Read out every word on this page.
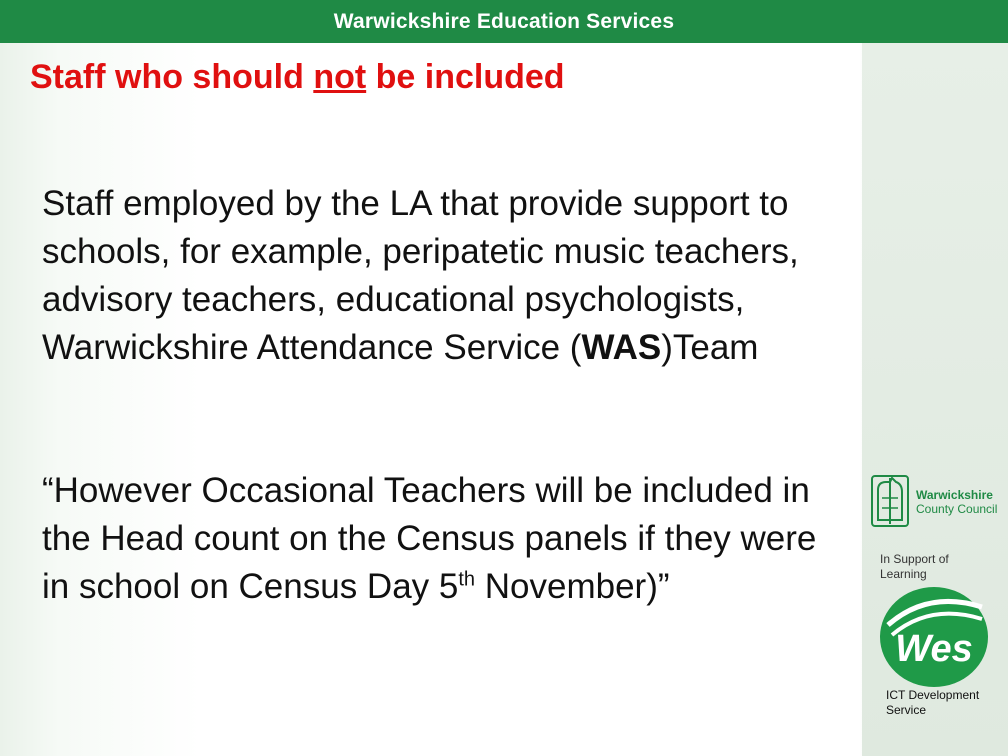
Warwickshire Education Services
Staff who should not be included

Staff employed by the LA that provide support to schools, for example, peripatetic music teachers, advisory teachers, educational psychologists, Warwickshire Attendance Service (WAS)Team

“However Occasional Teachers will be included in the Head count on the Census panels if they were in school on Census Day 5th November)”

Warwickshire
County Council
In Support of
Learning
Wes
ICT Development
Service
